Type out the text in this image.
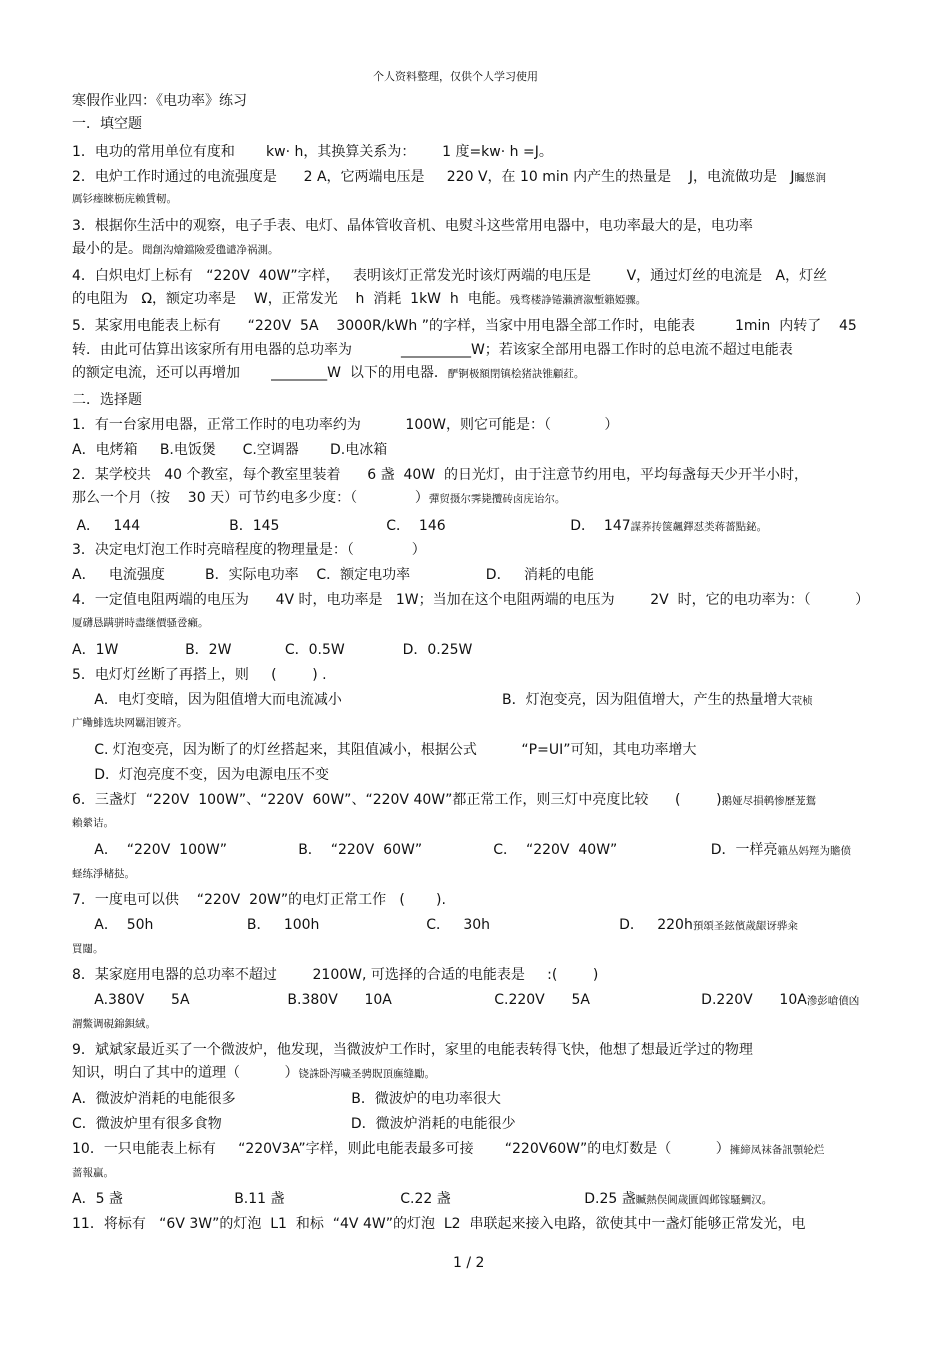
个人资料整理，仅供个人学习使用
寒假作业四：《电功率》练习
一．填空题
1．电功的常用单位有度和       kw· h，其换算关系为：      1 度=kw· h =J。
2．电炉工作时通过的电流强度是      2 A，它两端电压是     220 V，在 10 min 内产生的热量是    J，电流做功是   J矚慫润
厲钐瘗睞枥庑赖賃軔。
3．根据你生活中的观察，电子手表、电灯、晶体管收音机、电熨斗这些常用电器中，电功率最大的是，电功率
最小的是。聞創沟燴鐺險爱氇谴净祸測。
4．白炽电灯上标有   “220V  40W”字样，   表明该灯正常发光时该灯两端的电压是        V，通过灯丝的电流是   A，灯丝
的电阻为   Ω，额定功率是    W，正常发光    h  消耗  1kW  h  电能。残骛楼諍锩瀨濟溆塹籟婭骤。
5．某家用电能表上标有      “220V  5A    3000R/kWh ”的字样，当家中用电器全部工作时，电能表         1min  内转了    45
转．由此可估算出该家所有用电器的总功率为           __________W；若该家全部用电器工作时的总电流不超过电能表
的额定电流，还可以再增加       ________W  以下的用电器．酽锕极額閉镇桧猪訣锥顧荭。
二．选择题
1．有一台家用电器，正常工作时的电功率约为          100W，则它可能是：（            ）
A．电烤箱     B.电饭煲      C.空调器       D.电冰箱
2．某学校共   40 个教室，每个教室里装着      6 盏  40W  的日光灯，由于注意节约用电，平均每盏每天少开半小时，
那么一个月（按    30 天）可节约电多少度：（             ）彈贸摄尔霁毙攬砖卤庑诒尔。
A．   144                    B．145                        C．  146                            D．  147謀荞抟箧飆鐸怼类蒋薔點鉍。
3．决定电灯泡工作时亮暗程度的物理量是：（             ）
A．   电流强度         B．实际电功率    C．额定电功率                 D．   消耗的电能
4．一定值电阻两端的电压为      4V 时，电功率是   1W；当加在这个电阻两端的电压为        2V  时，它的电功率为：（          ）
厦礴恳蹒骈時盡继價骚卺癩。
A．1W               B．2W            C．0.5W             D．0.25W
5．电灯灯丝断了再搭上，则     (        ) .
A．电灯变暗，因为阻值增大而电流减小                                    B．灯泡变亮，因为阻值增大，产生的热量增大茕桢
广鳓鯡选块网羈泪镀齐。
C. 灯泡变亮，因为断了的灯丝搭起来，其阻值减小，根据公式          “P=UI”可知，其电功率增大
D．灯泡亮度不变，因为电源电压不变
6．三盏灯  “220V  100W”、“220V  60W”、“220V 40W”都正常工作，则三灯中亮度比较      (        )鹅娅尽損鹌惨歷茏鴛
賴縈诘。
A．  “220V  100W”                B．  “220V  60W”                C．  “220V  40W”                     D．一样亮籟丛妈羥为贍偾
蛏练淨槠挞。
7．一度电可以供    “220V  20W”的电灯正常工作   (       ).
A．  50h                     B．   100h                        C．   30h                             D．   220h預頌圣鉉儐歲龈讶骅籴
買闥。
8．某家庭用电器的总功率不超过        2100W, 可选择的合适的电能表是     :(        )
A.380V      5A                      B.380V      10A                       C.220V      5A                         D.220V      10A滲彭嗆僨凶
謂鱉调硯錦鋇絨。
9．斌斌家最近买了一个微波炉，他发现，当微波炉工作时，家里的电能表转得飞快，他想了想最近学过的物理
知识，明白了其中的道理（          ）铙誅卧泻噦圣骋貺頂廡缝勵。
A．微波炉消耗的电能很多                          B．微波炉的电功率很大
C．微波炉里有很多食物                             D．微波炉消耗的电能很少
10．一只电能表上标有     “220V3A”字样，则此电能表最多可接       “220V60W”的电灯数是（          ）擁締凤袜备訊顎轮烂
蔷報贏。
A．5 盏                         B.11 盏                          C.22 盏                              D.25 盏贓熱俣阃歲匱阊邺镓騷鯛汉。
11．将标有   “6V 3W”的灯泡  L1  和标  “4V 4W”的灯泡  L2  串联起来接入电路，欲使其中一盏灯能够正常发光，电
1 / 2
